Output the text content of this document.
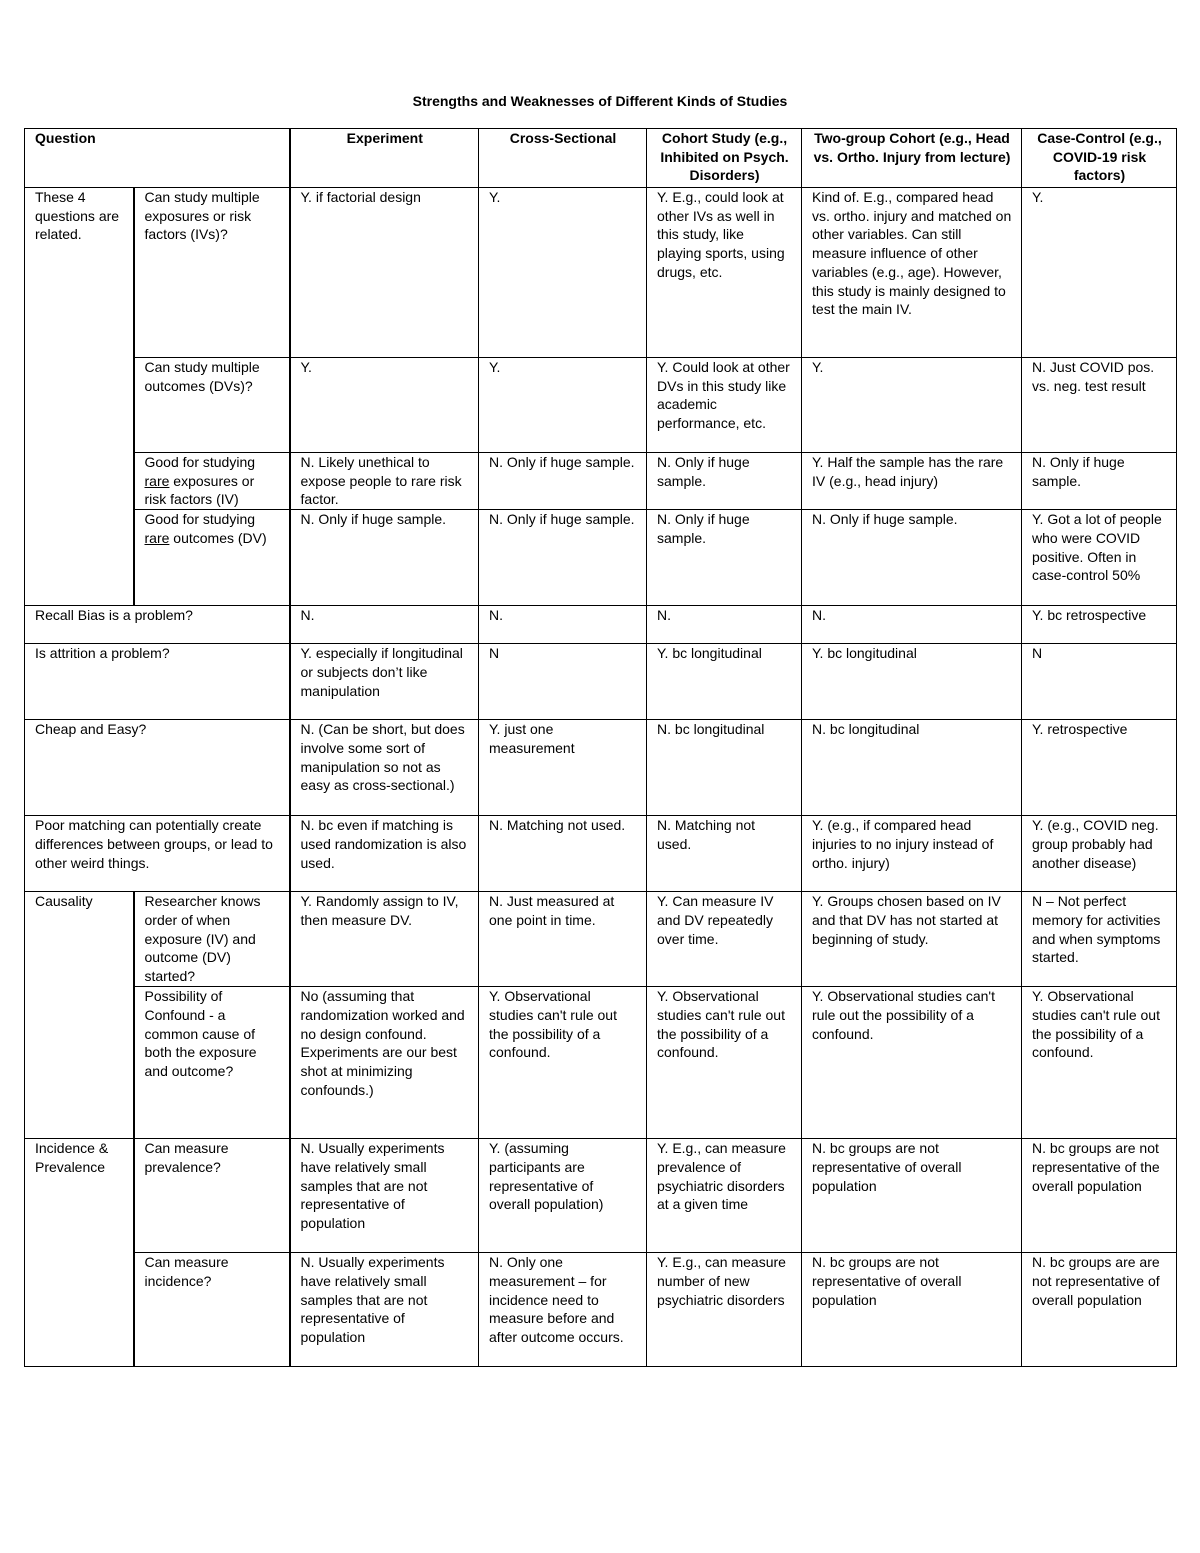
Strengths and Weaknesses of Different Kinds of Studies
Question		Experiment	Cross-Sectional	Cohort Study (e.g., Inhibited on Psych. Disorders)	Two-group Cohort (e.g., Head vs. Ortho. Injury from lecture)	Case-Control (e.g., COVID-19 risk factors)
These 4 questions are related.	Can study multiple exposures or risk factors (IVs)?	Y. if factorial design	Y.	Y. E.g., could look at other IVs as well in this study, like playing sports, using drugs, etc.	Kind of. E.g., compared head vs. ortho. injury and matched on other variables. Can still measure influence of other variables (e.g., age). However, this study is mainly designed to test the main IV.	Y.
	Can study multiple outcomes (DVs)?	Y.	Y.	Y. Could look at other DVs in this study like academic performance, etc.	Y.	N. Just COVID pos. vs. neg. test result
	Good for studying rare exposures or risk factors (IV)	N. Likely unethical to expose people to rare risk factor.	N. Only if huge sample.	N. Only if huge sample.	Y. Half the sample has the rare IV (e.g., head injury)	N. Only if huge sample.
	Good for studying rare outcomes (DV)	N. Only if huge sample.	N. Only if huge sample.	N. Only if huge sample.	N. Only if huge sample.	Y. Got a lot of people who were COVID positive. Often in case-control 50%
Recall Bias is a problem?		N.	N.	N.	N.	Y. bc retrospective
Is attrition a problem?		Y. especially if longitudinal or subjects don’t like manipulation	N	Y. bc longitudinal	Y. bc longitudinal	N
Cheap and Easy?		N. (Can be short, but does involve some sort of manipulation so not as easy as cross-sectional.)	Y. just one measurement	N. bc longitudinal	N. bc longitudinal	Y. retrospective
Poor matching can potentially create differences between groups, or lead to other weird things.		N. bc even if matching is used randomization is also used.	N. Matching not used.	N. Matching not used.	Y. (e.g., if compared head injuries to no injury instead of ortho. injury)	Y. (e.g., COVID neg. group probably had another disease)
Causality	Researcher knows order of when exposure (IV) and outcome (DV) started?	Y. Randomly assign to IV, then measure DV.	N. Just measured at one point in time.	Y. Can measure IV and DV repeatedly over time.	Y. Groups chosen based on IV and that DV has not started at beginning of study.	N – Not perfect memory for activities and when symptoms started.
	Possibility of Confound - a common cause of both the exposure and outcome?	No (assuming that randomization worked and no design confound. Experiments are our best shot at minimizing confounds.)	Y. Observational studies can't rule out the possibility of a confound.	Y. Observational studies can't rule out the possibility of a confound.	Y. Observational studies can't rule out the possibility of a confound.	Y. Observational studies can't rule out the possibility of a confound.
Incidence & Prevalence	Can measure prevalence?	N. Usually experiments have relatively small samples that are not representative of population	Y. (assuming participants are representative of overall population)	Y. E.g., can measure prevalence of psychiatric disorders at a given time	N. bc groups are not representative of overall population	N. bc groups are not representative of the overall population
	Can measure incidence?	N. Usually experiments have relatively small samples that are not representative of population	N. Only one measurement – for incidence need to measure before and after outcome occurs.	Y. E.g., can measure number of new psychiatric disorders	N. bc groups are not representative of overall population	N. bc groups are are not representative of overall population
